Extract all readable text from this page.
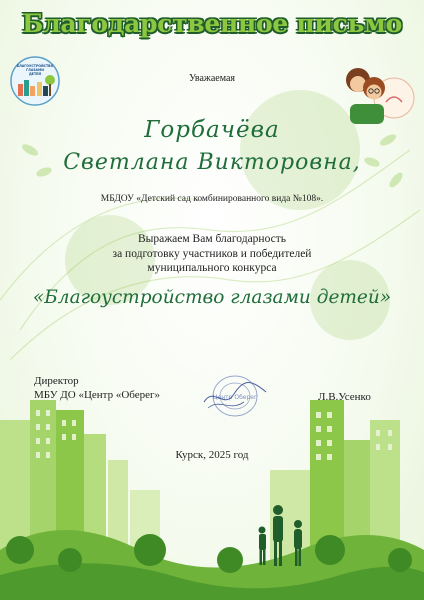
Благодарственное письмо
БЛАГОУСТРОЙСТВО
ГЛАЗАМИ
ДЕТЕЙ	Уважаемая
Горбачёва
Светлана Викторовна,
МБДОУ «Детский сад комбинированного вида №108».
Выражаем Вам благодарность
за подготовку участников и победителей
муниципального конкурса
«Благоустройство глазами детей»
Директор
МБУ ДО «Центр «Оберег»	Центр Оберег	Л.В.Усенко
Курск, 2025 год
